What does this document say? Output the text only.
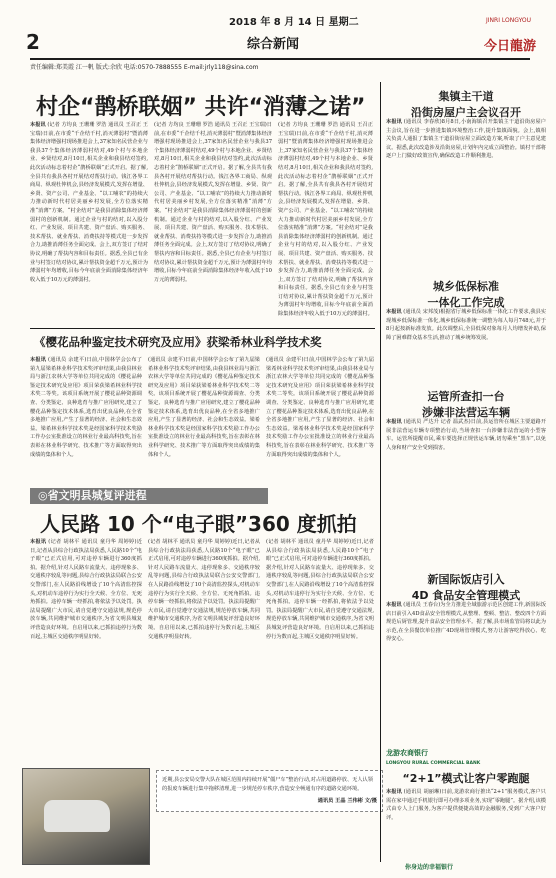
2018 年 8 月 14 日 星期二
2	综合新闻
JINRI LONGYOU
今日龍游
责任编辑:郑美霞 江一帆 版式:余欣 电话:0570-7888555 E-mail:jrly118@sina.com
村企“鹊桥联姻” 共许“消薄之诺”
本报讯 (记者 方均良 王珊珊 罗浩 通讯员 王召正 王宝瑞)日前,在市委“千企结千村,消灭薄弱村”暨消薄集体经济增强村现场推进会上,37家知名民营企业与我县37个集体经济薄弱村结对,49个村与本地企业、乡贤结对,8月10日,相关企业和我县结对签约,此次活动标志着村企“鹊桥联姻”正式开启。据了解,全县共有我县各村开展结对帮扶行动。钱江各界工商局、纵观杜仲机会,县经济发展模式,发挥在增量、乡贤、资产公司、产业基金、“以工哺农”的持续大力推动新时代村居美丽乡村发展,全方位落实精准“消薄”方案。“村企结对”是我县消除集体经济薄弱村的创新机制。通过企业与村的结对,以入股分红、产业发展、项目共建、资产盘活、购买服务、技术帮扶、就业帮扶、消费扶持等模式进一步发挥合力,助推消薄任务全面完成。会上,双方签订了结对协议,明确了帮扶内容和目标责任。据悉,全县已有企业与村签订结对协议,累计帮扶资金超千万元,预计为薄弱村年均增收,目标今年底前全面消除集体经济年收入低于10万元的薄弱村。
(记者 方均良 王珊珊 罗浩 通讯员 王召正 王宝瑞)日前,在市委“千企结千村,消灭薄弱村”暨消薄集体经济增强村现场推进会上,37家知名民营企业与我县37个集体经济薄弱村结对,49个村与本地企业、乡贤结对,8月10日,相关企业和我县结对签约,此次活动标志着村企“鹊桥联姻”正式开启。据了解,全县共有我县各村开展结对帮扶行动。钱江各界工商局、纵观杜仲机会,县经济发展模式,发挥在增量、乡贤、资产公司、产业基金、“以工哺农”的持续大力推动新时代村居美丽乡村发展,全方位落实精准“消薄”方案。“村企结对”是我县消除集体经济薄弱村的创新机制。通过企业与村的结对,以入股分红、产业发展、项目共建、资产盘活、购买服务、技术帮扶、就业帮扶、消费扶持等模式进一步发挥合力,助推消薄任务全面完成。会上,双方签订了结对协议,明确了帮扶内容和目标责任。据悉,全县已有企业与村签订结对协议,累计帮扶资金超千万元,预计为薄弱村年均增收,目标今年底前全面消除集体经济年收入低于10万元的薄弱村。
(记者 方均良 王珊珊 罗浩 通讯员 王召正 王宝瑞)日前,在市委“千企结千村,消灭薄弱村”暨消薄集体经济增强村现场推进会上,37家知名民营企业与我县37个集体经济薄弱村结对,49个村与本地企业、乡贤结对,8月10日,相关企业和我县结对签约,此次活动标志着村企“鹊桥联姻”正式开启。据了解,全县共有我县各村开展结对帮扶行动。钱江各界工商局、纵观杜仲机会,县经济发展模式,发挥在增量、乡贤、资产公司、产业基金、“以工哺农”的持续大力推动新时代村居美丽乡村发展,全方位落实精准“消薄”方案。“村企结对”是我县消除集体经济薄弱村的创新机制。通过企业与村的结对,以入股分红、产业发展、项目共建、资产盘活、购买服务、技术帮扶、就业帮扶、消费扶持等模式进一步发挥合力,助推消薄任务全面完成。会上,双方签订了结对协议,明确了帮扶内容和目标责任。据悉,全县已有企业与村签订结对协议,累计帮扶资金超千万元,预计为薄弱村年均增收,目标今年底前全面消除集体经济年收入低于10万元的薄弱村。
《樱花品种鉴定技术研究及应用》获梁希林业科学技术奖
本报讯 (通讯员 余建平)日前,中国林学会公布了第九届梁希林业科学技术奖评审结果,由我县林业局与浙江农林大学等单位共同完成的《樱花品种鉴定技术研究及应用》项目荣获梁希林业科学技术奖二等奖。该项目系统开展了樱花品种资源调查、分类鉴定、良种选育与推广应用研究,建立了樱花品种鉴定技术体系,选育出优良品种,在全省多地推广应用,产生了显著的经济、社会和生态效益。梁希林业科学技术奖是经国家科学技术奖励工作办公室批准设立的林业行业最高科技奖,旨在表彰在林业科学研究、技术推广等方面取得突出成绩的集体和个人。
(通讯员 余建平)日前,中国林学会公布了第九届梁希林业科学技术奖评审结果,由我县林业局与浙江农林大学等单位共同完成的《樱花品种鉴定技术研究及应用》项目荣获梁希林业科学技术奖二等奖。该项目系统开展了樱花品种资源调查、分类鉴定、良种选育与推广应用研究,建立了樱花品种鉴定技术体系,选育出优良品种,在全省多地推广应用,产生了显著的经济、社会和生态效益。梁希林业科学技术奖是经国家科学技术奖励工作办公室批准设立的林业行业最高科技奖,旨在表彰在林业科学研究、技术推广等方面取得突出成绩的集体和个人。
(通讯员 余建平)日前,中国林学会公布了第九届梁希林业科学技术奖评审结果,由我县林业局与浙江农林大学等单位共同完成的《樱花品种鉴定技术研究及应用》项目荣获梁希林业科学技术奖二等奖。该项目系统开展了樱花品种资源调查、分类鉴定、良种选育与推广应用研究,建立了樱花品种鉴定技术体系,选育出优良品种,在全省多地推广应用,产生了显著的经济、社会和生态效益。梁希林业科学技术奖是经国家科学技术奖励工作办公室批准设立的林业行业最高科技奖,旨在表彰在林业科学研究、技术推广等方面取得突出成绩的集体和个人。
◎省文明县城复评进程
人民路 10 个“电子眼”360 度抓拍
本报讯 (记者 胡林平 通讯员 童丹华 周婷婷)近日,记者从县综合行政执法局获悉,人民路10个“电子眼”已正式启用,可对违停车辆进行360度抓拍。据介绍,针对人民路车流量大、违停现象多、交通秩序较乱等问题,县综合行政执法局联合公安交警部门,在人民路沿线增设了10个高清监控探头,对机动车违停行为实行全天候、全方位、无死角抓拍。违停车辆一经抓拍,将依法予以处罚。执法局提醒广大市民,请自觉遵守交通法规,规范停放车辆,共同维护城市交通秩序,为省文明县城复评营造良好环境。自启用以来,已抓拍违停行为数百起,主城区交通秩序明显好转。
(记者 胡林平 通讯员 童丹华 周婷婷)近日,记者从县综合行政执法局获悉,人民路10个“电子眼”已正式启用,可对违停车辆进行360度抓拍。据介绍,针对人民路车流量大、违停现象多、交通秩序较乱等问题,县综合行政执法局联合公安交警部门,在人民路沿线增设了10个高清监控探头,对机动车违停行为实行全天候、全方位、无死角抓拍。违停车辆一经抓拍,将依法予以处罚。执法局提醒广大市民,请自觉遵守交通法规,规范停放车辆,共同维护城市交通秩序,为省文明县城复评营造良好环境。自启用以来,已抓拍违停行为数百起,主城区交通秩序明显好转。
(记者 胡林平 通讯员 童丹华 周婷婷)近日,记者从县综合行政执法局获悉,人民路10个“电子眼”已正式启用,可对违停车辆进行360度抓拍。据介绍,针对人民路车流量大、违停现象多、交通秩序较乱等问题,县综合行政执法局联合公安交警部门,在人民路沿线增设了10个高清监控探头,对机动车违停行为实行全天候、全方位、无死角抓拍。违停车辆一经抓拍,将依法予以处罚。执法局提醒广大市民,请自觉遵守交通法规,规范停放车辆,共同维护城市交通秩序,为省文明县城复评营造良好环境。自启用以来,已抓拍违停行为数百起,主城区交通秩序明显好转。
近期,县公安局交警大队在城区范围内持续开展“僵尸车”整治行动,对占用道路停放、无人认领的报废车辆进行集中拖移清理,进一步规范停车秩序,营造安全畅通有序的道路交通环境。
通讯员 王晶 兰伟彬 文/摄
集镇主干道
沿街房屋户主会议召开
本报讯 (通讯员 李春欣)8月8日,小南海镇召开集镇主干道沿街房屋户主会议,旨在进一步推进集镇环境整治工作,提升集镇面貌。会上,镇相关负责人通报了集镇主干道沿街房屋立面改造方案,听取了户主意见建议。据悉,此次改造涉及沿街房屋,计划年内完成立面整治。镇村干部将逐户上门做好政策宣传,确保改造工作顺利推进。
城乡低保标准
一体化工作完成
本报讯 (通讯员 宋邦茂)根据省厅城乡低保标准一体化工作要求,我县实现城乡低保标准一体化,城乡低保标准统一调整为每人每月748元,并于8月起按新标准发放。此次调整后,全县低保对象每月人均增发补助,保障了困难群众基本生活,推动了城乡统筹发展。
运管所查扣一台
涉嫌非法营运车辆
本报讯 (通讯员 严达升 记者 温武杰)日前,县运管所在城区主要道路开展非法营运车辆专项整治行动,当场查扣一台涉嫌非法营运的小型客车。运管所提醒市民,乘车要选择正规营运车辆,切勿乘坐“黑车”,以免人身和财产安全受到损害。
新国际饭店引入
4D 食品安全管理模式
本报讯 (通讯员 王春台)为全力推进全域旅游示范区创建工作,新国际饭店日前引入4D食品安全管理模式,从整理、整顿、整洁、整改四个方面规范后厨管理,提升食品安全管理水平。据了解,县市场监管局将以此为示范,在全县餐饮单位推广4D现场管理模式,努力让游客吃得放心、吃得安心。
龙游农商银行
LONGYOU RURAL COMMERCIAL BANK
“2+1”模式让客户零跑腿
本报讯 (通讯员 胡丽琳)日前,龙游农商行推出“2+1”服务模式,客户只需在家中通过手机银行即可办理多项业务,实现“零跑腿”。据介绍,该模式由专人上门服务,为客户提供便捷高效的金融服务,受到广大客户好评。
你身边的幸福银行
